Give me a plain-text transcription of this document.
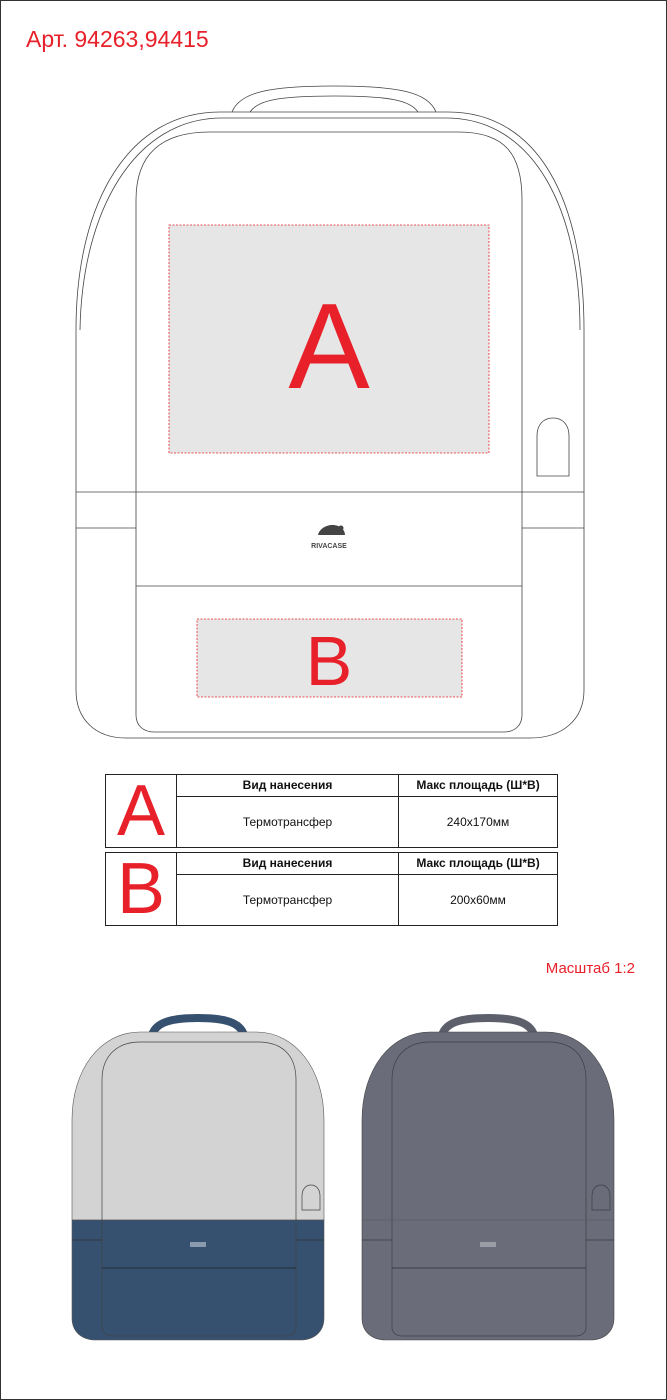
Арт. 94263,94415
A
B
RIVACASE
A	Вид нанесения	Макс площадь (Ш*В)
	Термотрансфер	240x170мм
B	Вид нанесения	Макс площадь (Ш*В)
	Термотрансфер	200x60мм
Масштаб 1:2
